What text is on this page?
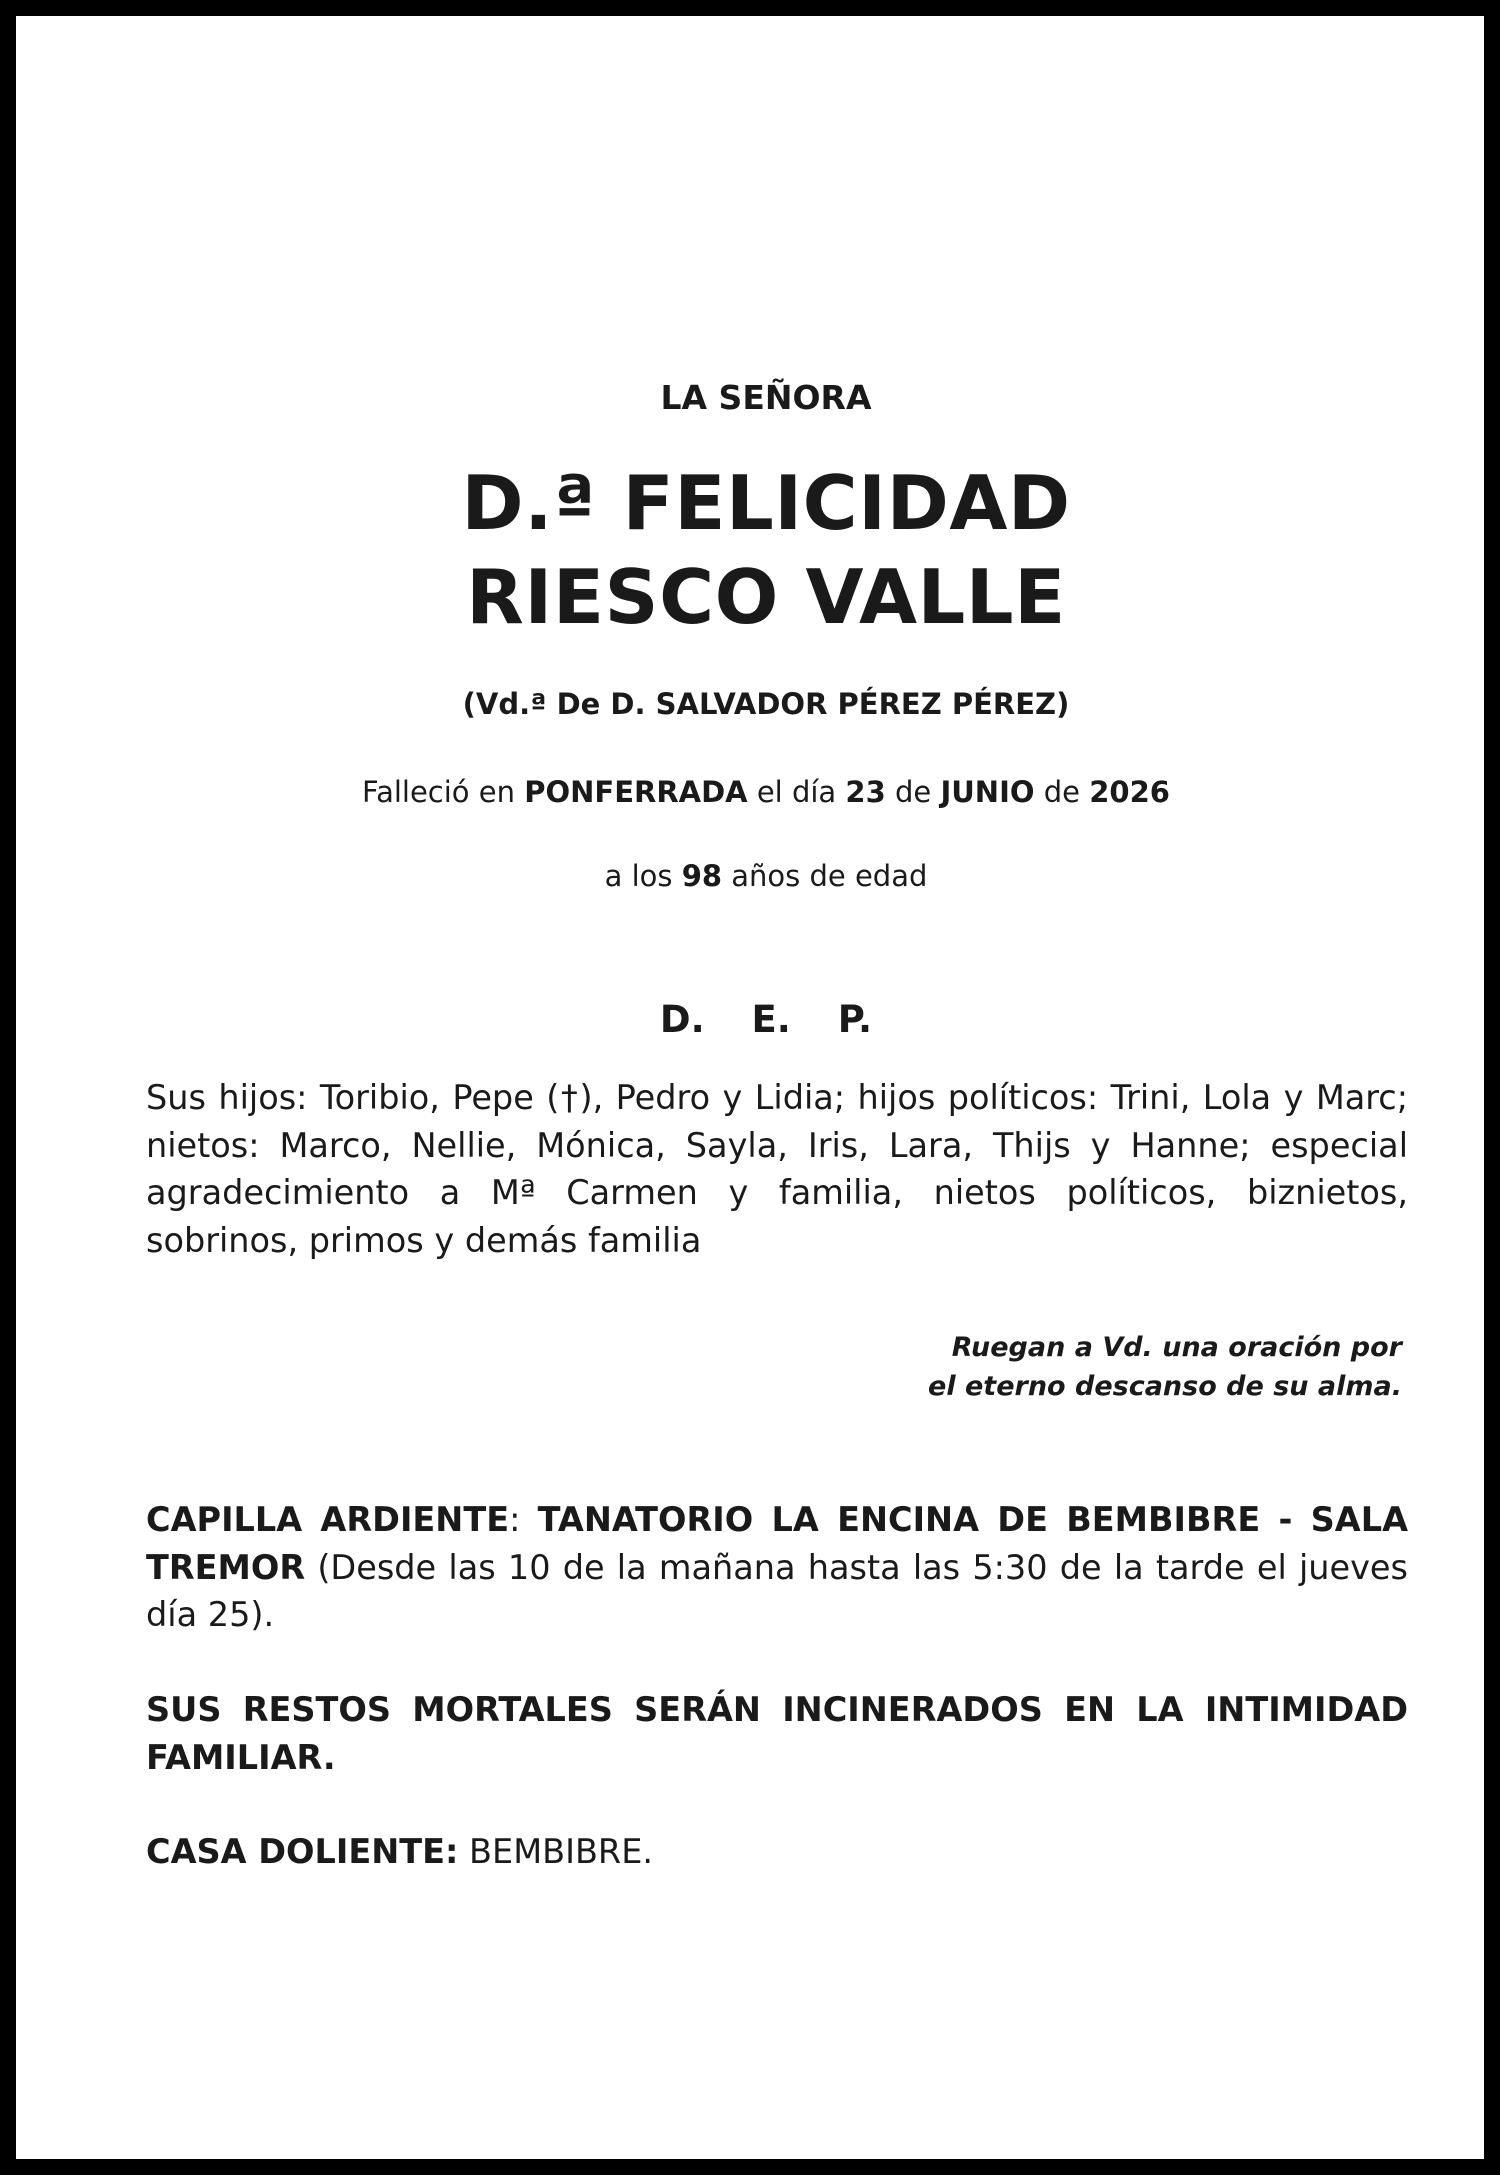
LA SEÑORA
D.ª FELICIDAD
RIESCO VALLE
(Vd.ª De D. SALVADOR PÉREZ PÉREZ)
Falleció en PONFERRADA el día 23 de JUNIO de 2026
a los 98 años de edad
D. E. P.
Sus hijos: Toribio, Pepe (†), Pedro y Lidia; hijos políticos: Trini, Lola y Marc; nietos: Marco, Nellie, Mónica, Sayla, Iris, Lara, Thijs y Hanne; especial agradecimiento a Mª Carmen y familia, nietos políticos, biznietos, sobrinos, primos y demás familia
Ruegan a Vd. una oración por
el eterno descanso de su alma.
CAPILLA ARDIENTE: TANATORIO LA ENCINA DE BEMBIBRE - SALA TREMOR (Desde las 10 de la mañana hasta las 5:30 de la tarde el jueves día 25).
SUS RESTOS MORTALES SERÁN INCINERADOS EN LA INTIMIDAD FAMILIAR.
CASA DOLIENTE: BEMBIBRE.
